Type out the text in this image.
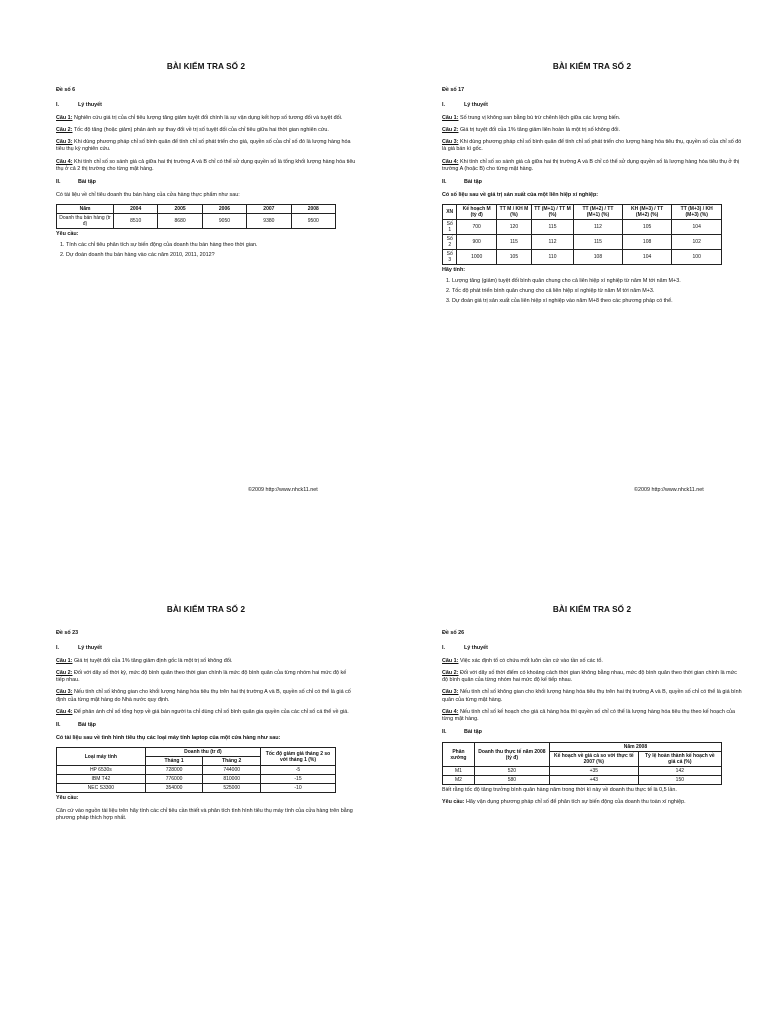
BÀI KIỂM TRA SỐ 2
Đề số 6
I.	Lý thuyết
Câu 1: Nghiên cứu giá trị của chỉ tiêu lượng tăng giảm tuyệt đối chính là sự vận dụng kết hợp số tương đối và tuyệt đối.
Câu 2: Tốc độ tăng (hoặc giảm) phản ánh sự thay đổi về trị số tuyệt đối của chỉ tiêu giữa hai thời gian nghiên cứu.
Câu 3: Khi dùng phương pháp chỉ số bình quân để tính chỉ số phát triển cho giá, quyền số của chỉ số đó là lượng hàng hóa tiêu thụ kỳ nghiên cứu.
Câu 4: Khi tính chỉ số so sánh giá cả giữa hai thị trường A và B chỉ có thể sử dụng quyền số là tổng khối lượng hàng hóa tiêu thụ ở cả 2 thị trường cho từng mặt hàng.
II.	Bài tập
Có tài liệu về chỉ tiêu doanh thu bán hàng của cửa hàng thực phẩm như sau:
Năm	2004	2005	2006	2007	2008
Doanh thu bán hàng (tr đ)	8510	8680	9050	9380	9500
Yêu cầu:
1. Tính các chỉ tiêu phân tích sự biến động của doanh thu bán hàng theo thời gian.
2. Dự đoán doanh thu bán hàng vào các năm 2010, 2011, 2012?
©2009 http://www.nhck11.net
BÀI KIỂM TRA SỐ 2
Đề số 17
I.	Lý thuyết
Câu 1: Số trung vị không san bằng bù trừ chênh lệch giữa các lượng biến.
Câu 2: Giá trị tuyệt đối của 1% tăng giảm liên hoàn là một trị số không đổi.
Câu 3: Khi dùng phương pháp chỉ số bình quân để tính chỉ số phát triển cho lượng hàng hóa tiêu thụ, quyền số của chỉ số đó là giá bán kì gốc.
Câu 4: Khi tính chỉ số so sánh giá cả giữa hai thị trường A và B chỉ có thể sử dụng quyền số là lượng hàng hóa tiêu thụ ở thị trường A (hoặc B) cho từng mặt hàng.
II.	Bài tập
Có số liệu sau về giá trị sản xuất của một liên hiệp xí nghiệp:
XN	Kế hoạch M (tỷ đ)	TT M / KH M (%)	TT (M+1) / TT M (%)	TT (M+2) / TT (M+1) (%)	KH (M+3) / TT (M+2) (%)	TT (M+3) / KH (M+3) (%)
Số 1	700	120	115	112	105	104
Số 2	900	115	112	115	108	102
Số 3	1000	105	110	108	104	100
Hãy tính:
1. Lượng tăng (giảm) tuyệt đối bình quân chung cho cả liên hiệp xí nghiệp từ năm M tới năm M+3.
2. Tốc độ phát triển bình quân chung cho cả liên hiệp xí nghiệp từ năm M tới năm M+3.
3. Dự đoán giá trị sản xuất của liên hiệp xí nghiệp vào năm M+8 theo các phương pháp có thể.
©2009 http://www.nhck11.net
BÀI KIỂM TRA SỐ 2
Đề số 23
I.	Lý thuyết
Câu 1: Giá trị tuyệt đối của 1% tăng giảm định gốc là một trị số không đổi.
Câu 2: Đối với dãy số thời kỳ, mức độ bình quân theo thời gian chính là mức độ bình quân của từng nhóm hai mức độ kế tiếp nhau.
Câu 3: Nếu tính chỉ số không gian cho khối lượng hàng hóa tiêu thụ trên hai thị trường A và B, quyền số chỉ có thể là giá cố định của từng mặt hàng do Nhà nước quy định.
Câu 4: Để phản ánh chỉ số tổng hợp về giá bán người ta chỉ dùng chỉ số bình quân gia quyền của các chỉ số cá thể về giá.
II.	Bài tập
Có tài liệu sau về tình hình tiêu thụ các loại máy tính laptop của một cửa hàng như sau:
Loại máy tính	Doanh thu (tr đ)		Tốc độ giảm giá tháng 2 so với tháng 1 (%)
	Tháng 1	Tháng 2	
HP 6530s	728000	744000	-5
IBM T42	776000	810000	-15
NEC S3300	354000	525000	-10
Yêu cầu:
Căn cứ vào nguồn tài liệu trên hãy tính các chỉ tiêu cần thiết và phân tích tình hình tiêu thụ máy tính của cửa hàng trên bằng phương pháp thích hợp nhất.
BÀI KIỂM TRA SỐ 2
Đề số 26
I.	Lý thuyết
Câu 1: Việc xác định tổ có chứa mốt luôn cần cứ vào tần số các tổ.
Câu 2: Đối với dãy số thời điểm có khoảng cách thời gian không bằng nhau, mức độ bình quân theo thời gian chính là mức độ bình quân của từng nhóm hai mức độ kế tiếp nhau.
Câu 3: Nếu tính chỉ số không gian cho khối lượng hàng hóa tiêu thụ trên hai thị trường A và B, quyền số chỉ có thể là giá bình quân của từng mặt hàng.
Câu 4: Nếu tính chỉ số kế hoạch cho giá cả hàng hóa thì quyền số chỉ có thể là lượng hàng hóa tiêu thụ theo kế hoạch của từng mặt hàng.
II.	Bài tập
Phân xưởng	Doanh thu thực tế năm 2008 (tỷ đ)	Năm 2008	
		Kế hoạch về giá cả so với thực tế 2007 (%)	Tỷ lệ hoàn thành kế hoạch về giá cả (%)
M1	520	+35	142
M2	580	+43	150
Biết rằng tốc độ tăng trưởng bình quân hàng năm trong thời kì này về doanh thu thực tế là 0,5 lần.
Yêu cầu: Hãy vận dụng phương pháp chỉ số để phân tích sự biến động của doanh thu toàn xí nghiệp.
